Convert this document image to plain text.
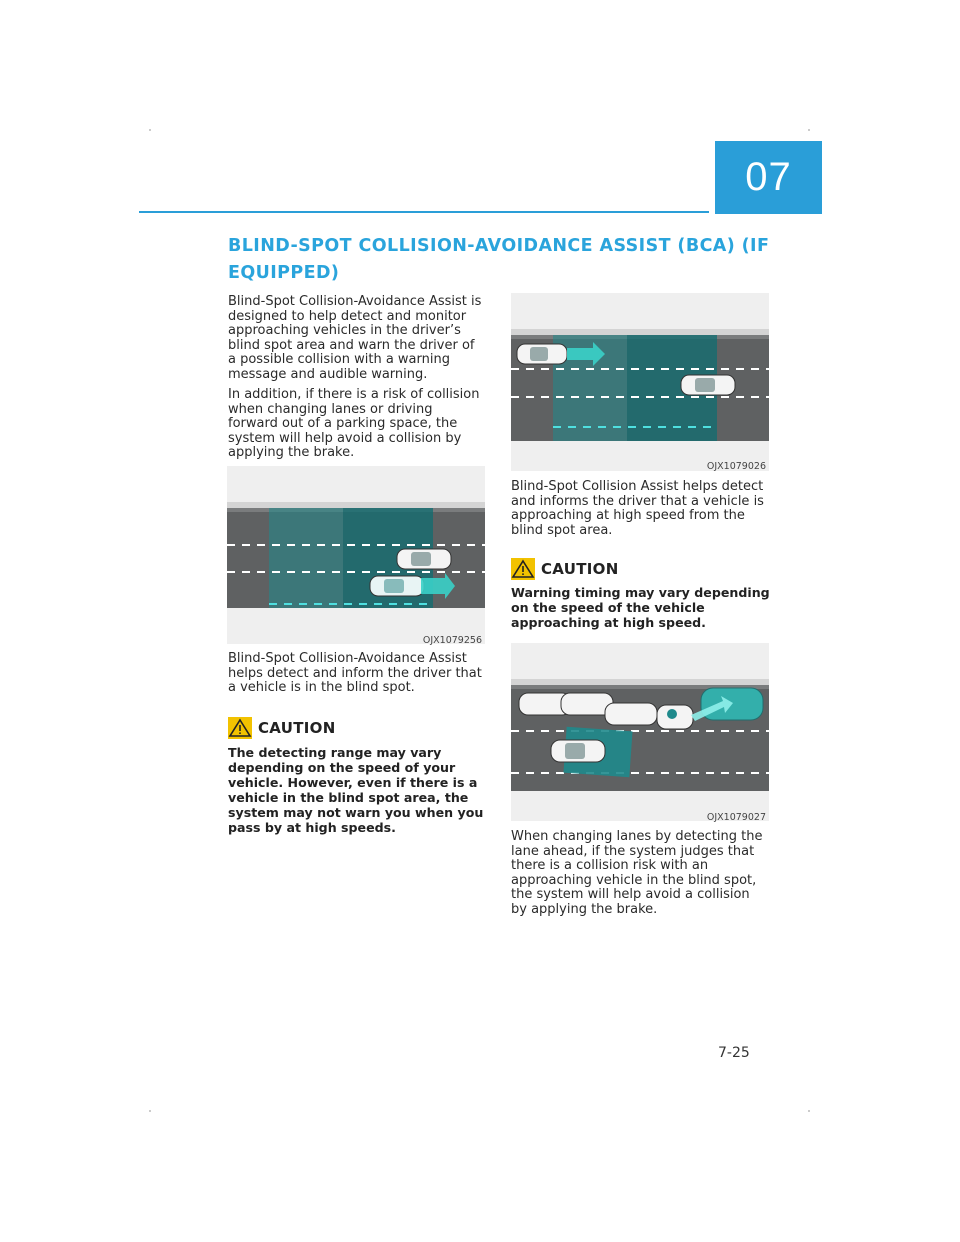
07
BLIND-SPOT COLLISION-AVOIDANCE ASSIST (BCA) (IF EQUIPPED)

Blind-Spot Collision-Avoidance Assist is designed to help detect and monitor approaching vehicles in the driver’s blind spot area and warn the driver of a possible collision with a warning message and audible warning.

In addition, if there is a risk of collision when changing lanes or driving forward out of a parking space, the system will help avoid a collision by applying the brake.

OJX1079256

Blind-Spot Collision-Avoidance Assist helps detect and inform the driver that a vehicle is in the blind spot.

CAUTION

The detecting range may vary depending on the speed of your vehicle. However, even if there is a vehicle in the blind spot area, the system may not warn you when you pass by at high speeds.

OJX1079026

Blind-Spot Collision Assist helps detect and informs the driver that a vehicle is approaching at high speed from the blind spot area.

CAUTION

Warning timing may vary depending on the speed of the vehicle approaching at high speed.

OJX1079027

When changing lanes by detecting the lane ahead, if the system judges that there is a collision risk with an approaching vehicle in the blind spot, the system will help avoid a collision by applying the brake.

7-25
